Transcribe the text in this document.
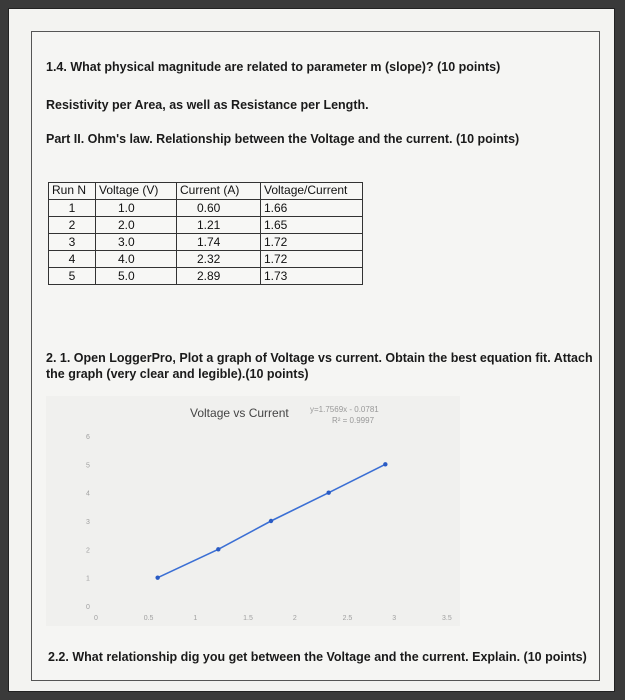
1.4. What physical magnitude are related to parameter m (slope)? (10 points)
Resistivity per Area, as well as Resistance per Length.
Part II. Ohm's law. Relationship between the Voltage and the current. (10 points)
Run N	Voltage (V)	Current (A)	Voltage/Current
1	1.0	0.60	1.66
2	2.0	1.21	1.65
3	3.0	1.74	1.72
4	4.0	2.32	1.72
5	5.0	2.89	1.73
2. 1. Open LoggerPro, Plot a graph of Voltage vs current. Obtain the best equation fit. Attach the graph (very clear and legible).(10 points)
Voltage vs Current	y=1.7569x - 0.0781
R² = 0.9997
0	0.5	1	1.5	2	2.5	3	3.5
0
1
2
3
4
5
6
2.2. What relationship dig you get between the Voltage and the current. Explain. (10 points)
